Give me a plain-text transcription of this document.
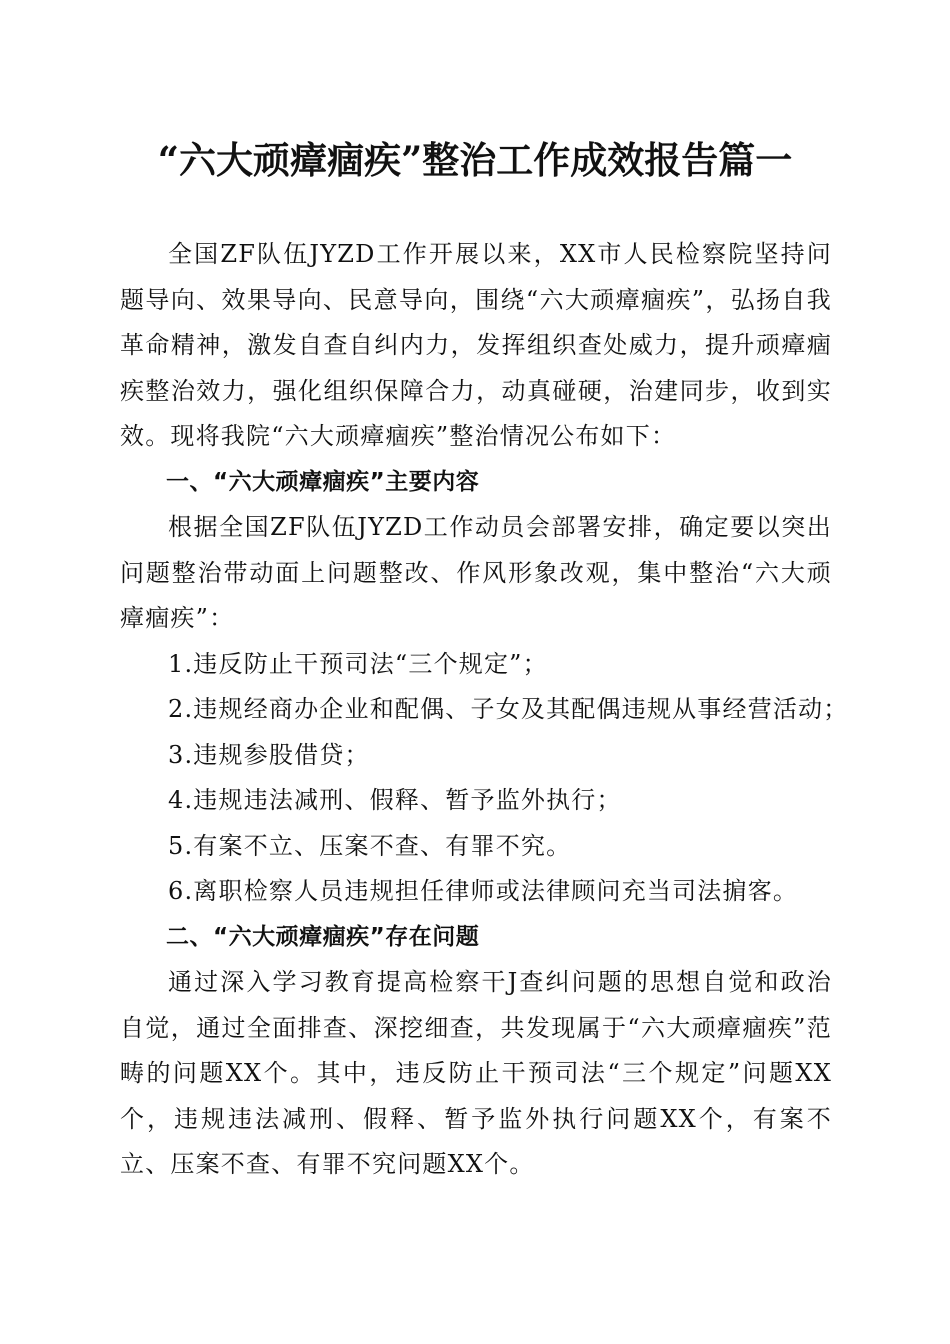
“六大顽瘴痼疾”整治工作成效报告篇一

全国ZF队伍JYZD工作开展以来，XX市人民检察院坚持问题导向、效果导向、民意导向，围绕“六大顽瘴痼疾”，弘扬自我革命精神，激发自查自纠内力，发挥组织查处威力，提升顽瘴痼疾整治效力，强化组织保障合力，动真碰硬，治建同步，收到实效。现将我院“六大顽瘴痼疾”整治情况公布如下：

一、“六大顽瘴痼疾”主要内容

根据全国ZF队伍JYZD工作动员会部署安排，确定要以突出问题整治带动面上问题整改、作风形象改观，集中整治“六大顽瘴痼疾”：

1.违反防止干预司法“三个规定”；

2.违规经商办企业和配偶、子女及其配偶违规从事经营活动；

3.违规参股借贷；

4.违规违法减刑、假释、暂予监外执行；

5.有案不立、压案不查、有罪不究。

6.离职检察人员违规担任律师或法律顾问充当司法掮客。

二、“六大顽瘴痼疾”存在问题

通过深入学习教育提高检察干J查纠问题的思想自觉和政治自觉，通过全面排查、深挖细查，共发现属于“六大顽瘴痼疾”范畴的问题XX个。其中，违反防止干预司法“三个规定”问题XX个，违规违法减刑、假释、暂予监外执行问题XX个，有案不立、压案不查、有罪不究问题XX个。
